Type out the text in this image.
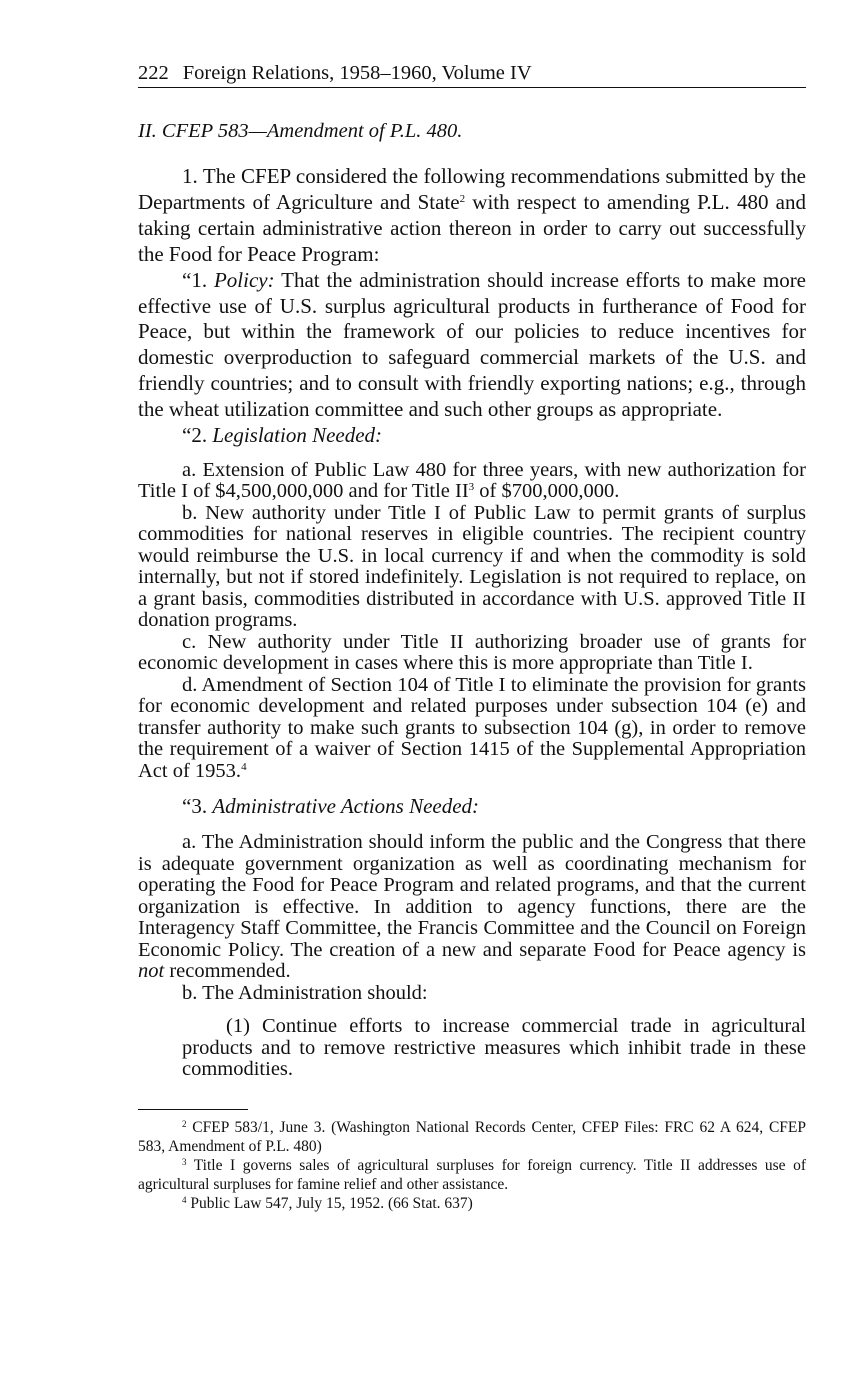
222 Foreign Relations, 1958–1960, Volume IV
II. CFEP 583—Amendment of P.L. 480.

1. The CFEP considered the following recommendations submitted by the Departments of Agriculture and State$^2$ with respect to amending P.L. 480 and taking certain administrative action thereon in order to carry out successfully the Food for Peace Program:

“1. Policy: That the administration should increase efforts to make more effective use of U.S. surplus agricultural products in furtherance of Food for Peace, but within the framework of our policies to reduce incentives for domestic overproduction to safeguard commercial markets of the U.S. and friendly countries; and to consult with friendly exporting nations; e.g., through the wheat utilization committee and such other groups as appropriate.

“2. Legislation Needed:

a. Extension of Public Law 480 for three years, with new authorization for Title I of $4,500,000,000 and for Title $II^3$ of $700,000,000.

b. New authority under Title I of Public Law to permit grants of surplus commodities for national reserves in eligible countries. The recipient country would reimburse the U.S. in local currency if and when the commodity is sold internally, but not if stored indefinitely. Legislation is not required to replace, on a grant basis, commodities distributed in accordance with U.S. approved Title II donation programs.

c. New authority under Title II authorizing broader use of grants for economic development in cases where this is more appropriate than Title I.

d. Amendment of Section 104 of Title I to eliminate the provision for grants for economic development and related purposes under subsection 104 (e) and transfer authority to make such grants to subsection 104 (g), in order to remove the requirement of a waiver of Section 1415 of the Supplemental Appropriation Act of 1953.$^4$

“3. Administrative Actions Needed:

a. The Administration should inform the public and the Congress that there is adequate government organization as well as coordinating mechanism for operating the Food for Peace Program and related programs, and that the current organization is effective. In addition to agency functions, there are the Interagency Staff Committee, the Francis Committee and the Council on Foreign Economic Policy. The creation of a new and separate Food for Peace agency is not recommended.

b. The Administration should:

(1) Continue efforts to increase commercial trade in agricultural products and to remove restrictive measures which inhibit trade in these commodities.

$^2$ CFEP 583/1, June 3. (Washington National Records Center, CFEP Files: FRC 62 A 624, CFEP 583, Amendment of P.L. 480)

$^3$ Title I governs sales of agricultural surpluses for foreign currency. Title II addresses use of agricultural surpluses for famine relief and other assistance.

$^4$ Public Law 547, July 15, 1952. (66 Stat. 637)
